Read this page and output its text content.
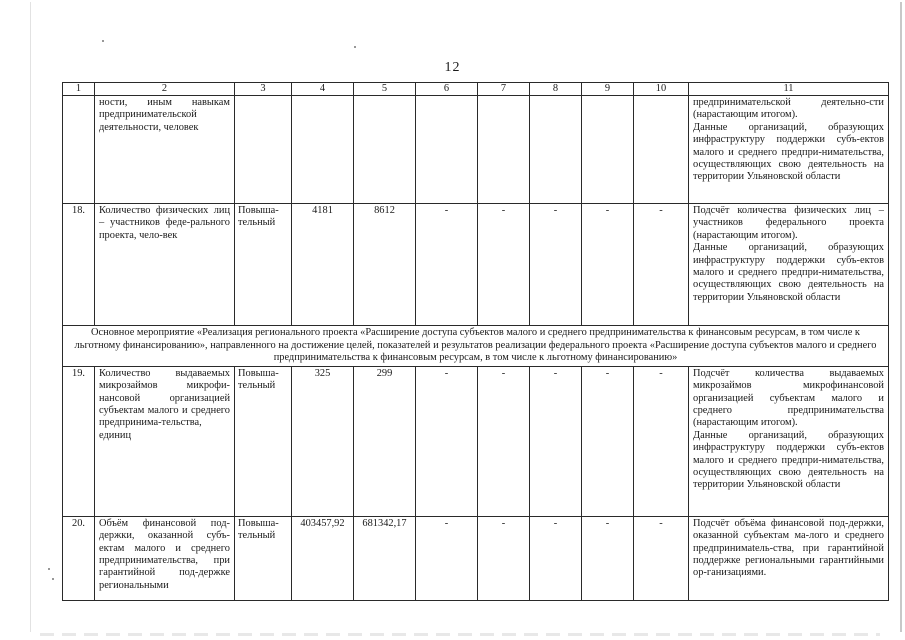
12
1	2	3	4	5	6	7	8	9	10	11
	ности, иным навыкам предпринимательской деятельности, человек									предпринимательской деятельно-сти (нарастающим итогом).
Данные организаций, образующих инфраструктуру поддержки субъ-ектов малого и среднего предпри-нимательства, осуществляющих свою деятельность на территории Ульяновской области

18.	Количество физических лиц – участников феде-рального проекта, чело-век	Повыша-тельный	4181	8612	-	-	-	-	-	Подсчёт количества физических лиц – участников федерального проекта (нарастающим итогом).
Данные организаций, образующих инфраструктуру поддержки субъ-ектов малого и среднего предпри-нимательства, осуществляющих свою деятельность на территории Ульяновской области

Основное мероприятие «Реализация регионального проекта «Расширение доступа субъектов малого и среднего предпринимательства к финансовым ресурсам, в том числе к льготному финансированию», направленного на достижение целей, показателей и результатов реализации федерального проекта «Расширение доступа субъектов малого и среднего предпринимательства к финансовым ресурсам, в том числе к льготному финансированию»										
19.	Количество выдаваемых микрозаймов микрофи-нансовой организацией субъектам малого и среднего предпринима-тельства, единиц	Повыша-тельный	325	299	-	-	-	-	-	Подсчёт количества выдаваемых микрозаймов микрофинансовой организацией субъектам малого и среднего предпринимательства (нарастающим итогом).
Данные организаций, образующих инфраструктуру поддержки субъ-ектов малого и среднего предпри-нимательства, осуществляющих свою деятельность на территории Ульяновской области

20.	Объём финансовой под-держки, оказанной субъ-ектам малого и среднего предпринимательства, при гарантийной под-держке региональными	Повыша-тельный	403457,92	681342,17	-	-	-	-	-	Подсчёт объёма финансовой под-держки, оказанной субъектам ма-лого и среднего предпринимatель-ства, при гарантийной поддержке региональными гарантийными ор-ганизациями.
